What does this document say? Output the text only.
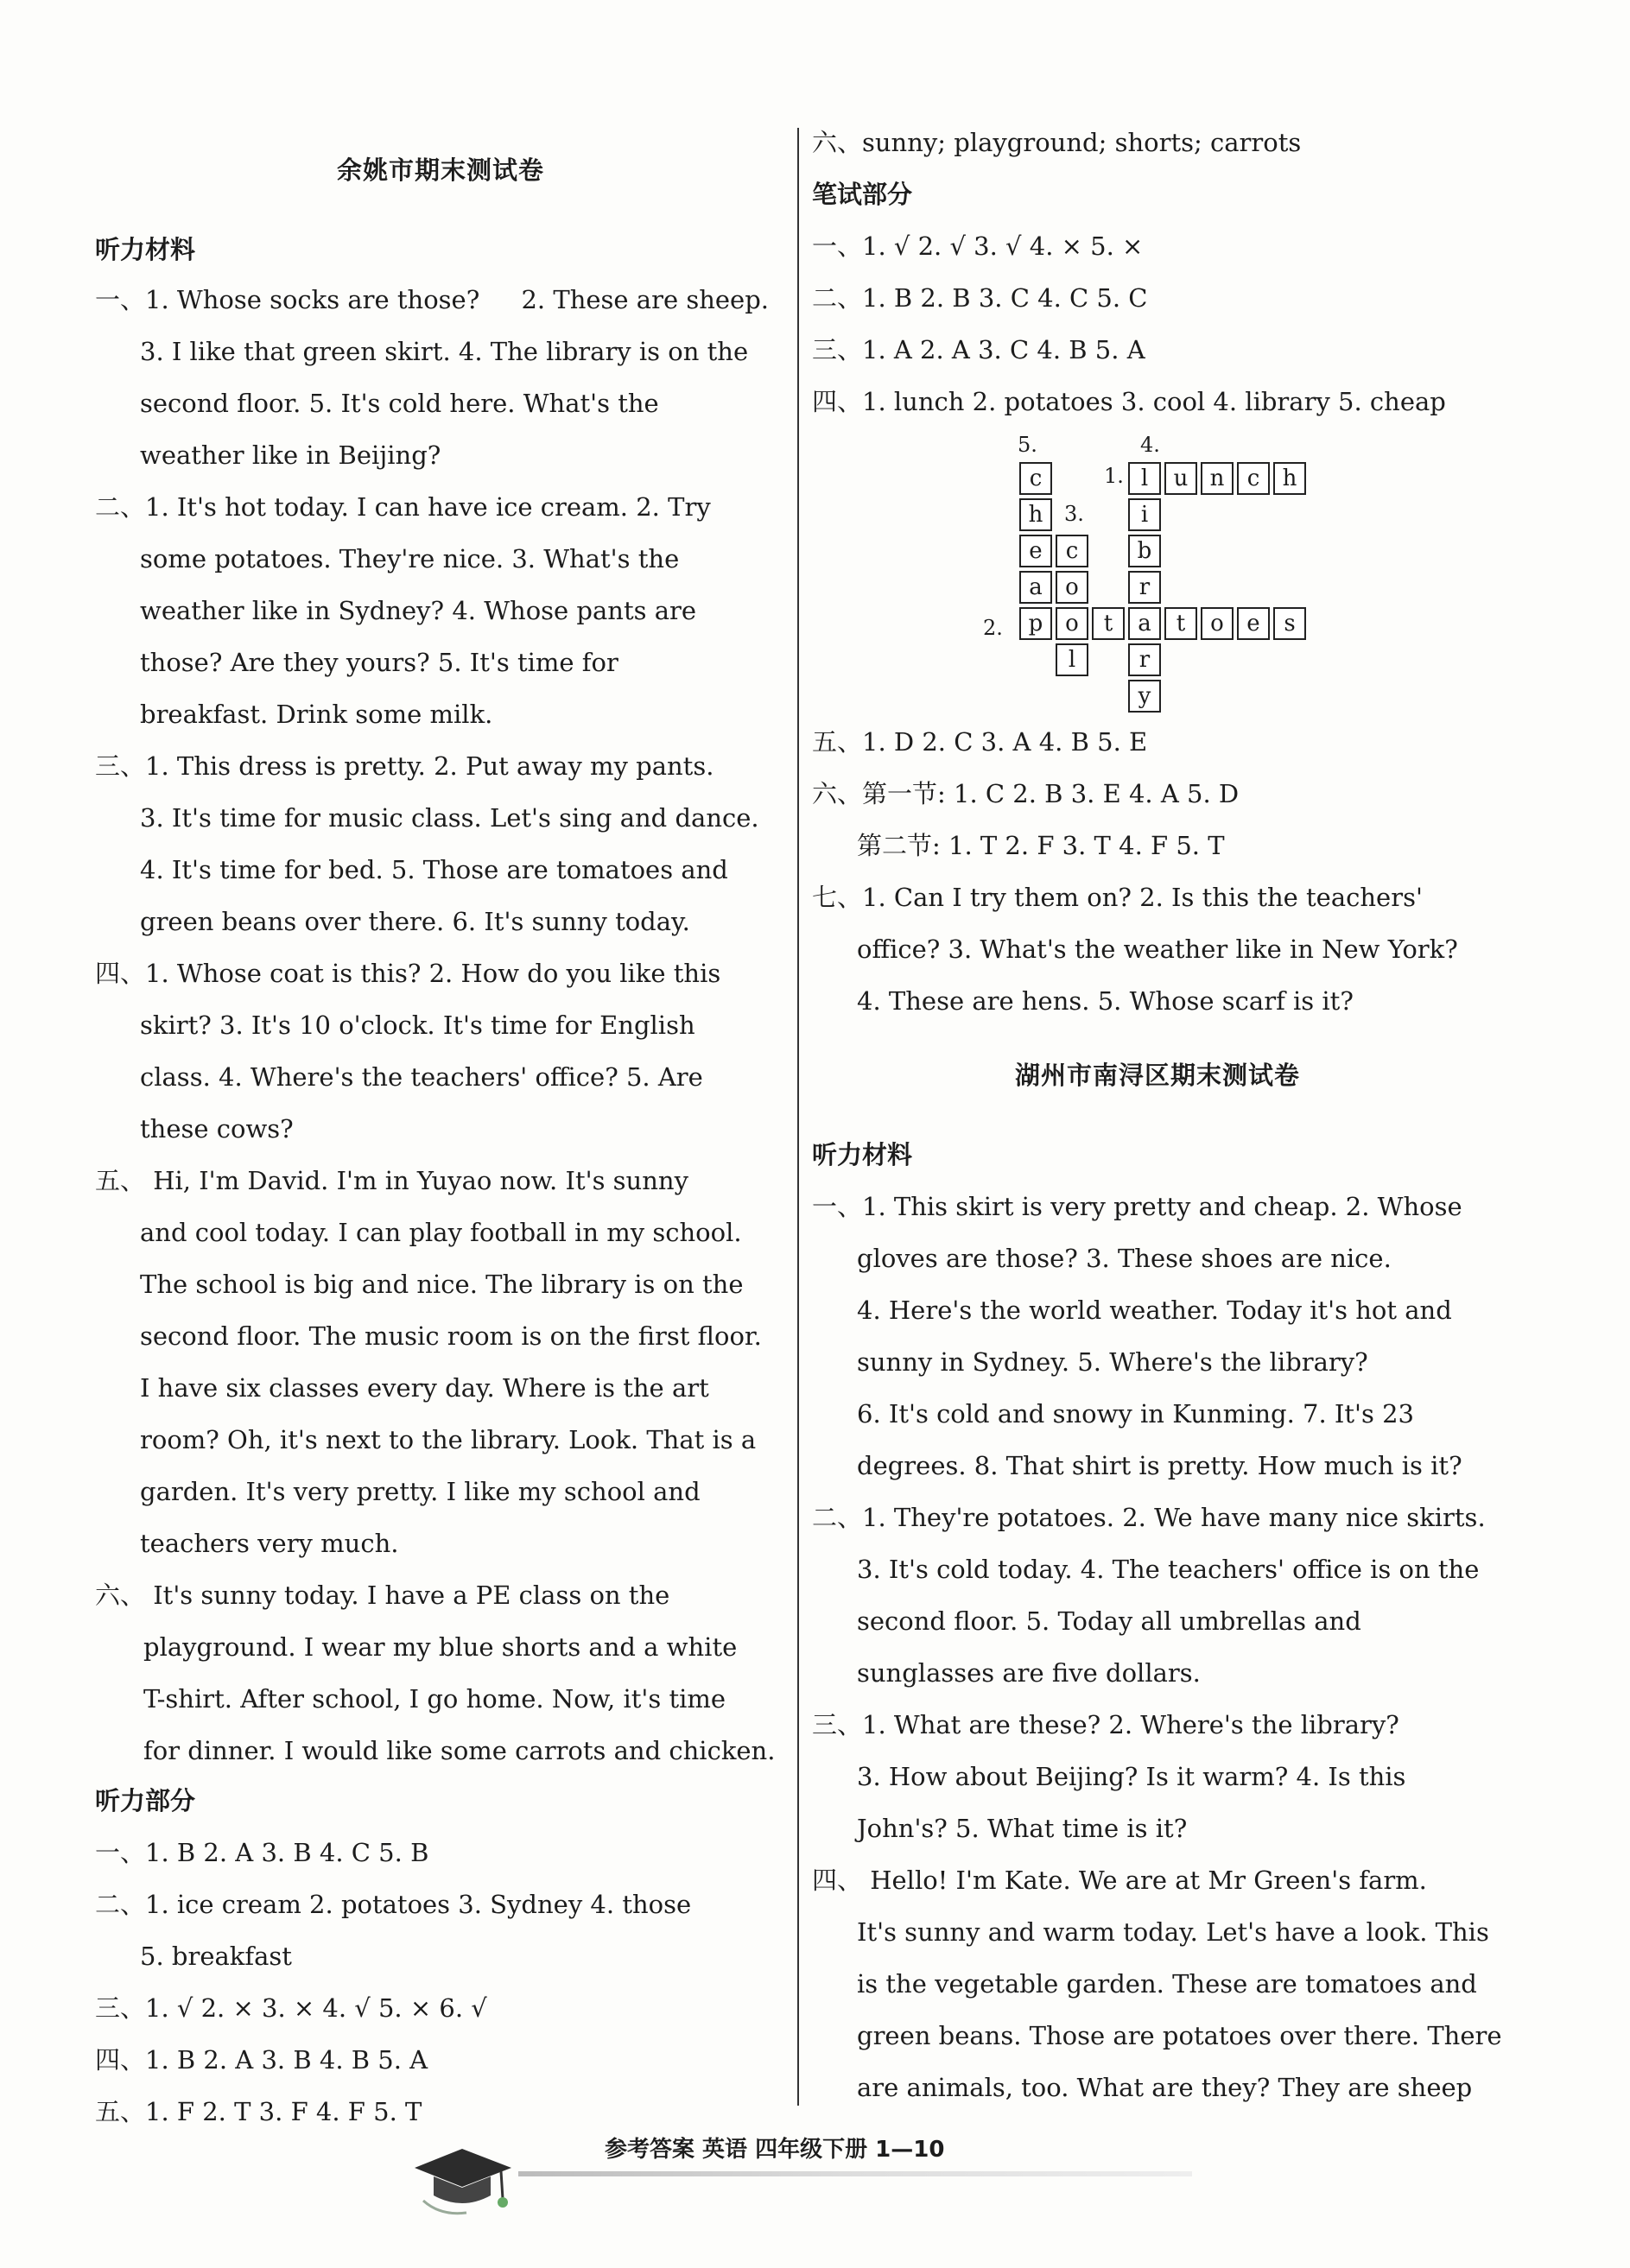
余姚市期末测试卷
听力材料
一、1. Whose socks are those? 2. These are sheep.
3. I like that green skirt. 4. The library is on the
second floor. 5. It's cold here. What's the
weather like in Beijing?
二、1. It's hot today. I can have ice cream. 2. Try
some potatoes. They're nice. 3. What's the
weather like in Sydney? 4. Whose pants are
those? Are they yours? 5. It's time for
breakfast. Drink some milk.
三、1. This dress is pretty. 2. Put away my pants.
3. It's time for music class. Let's sing and dance.
4. It's time for bed. 5. Those are tomatoes and
green beans over there. 6. It's sunny today.
四、1. Whose coat is this? 2. How do you like this
skirt? 3. It's 10 o'clock. It's time for English
class. 4. Where's the teachers' office? 5. Are
these cows?
五、 Hi, I'm David. I'm in Yuyao now. It's sunny
and cool today. I can play football in my school.
The school is big and nice. The library is on the
second floor. The music room is on the first floor.
I have six classes every day. Where is the art
room? Oh, it's next to the library. Look. That is a
garden. It's very pretty. I like my school and
teachers very much.
六、 It's sunny today. I have a PE class on the
playground. I wear my blue shorts and a white
T-shirt. After school, I go home. Now, it's time
for dinner. I would like some carrots and chicken.
听力部分
一、1. B 2. A 3. B 4. C 5. B
二、1. ice cream 2. potatoes 3. Sydney 4. those
5. breakfast
三、1. √ 2. × 3. × 4. √ 5. × 6. √
四、1. B 2. A 3. B 4. B 5. A
五、1. F 2. T 3. F 4. F 5. T
六、sunny; playground; shorts; carrots
笔试部分
一、1. √ 2. √ 3. √ 4. × 5. ×
二、1. B 2. B 3. C 4. C 5. C
三、1. A 2. A 3. C 4. B 5. A
四、1. lunch 2. potatoes 3. cool 4. library 5. cheap
五、1. D 2. C 3. A 4. B 5. E
六、第一节: 1. C 2. B 3. E 4. A 5. D
第二节: 1. T 2. F 3. T 4. F 5. T
七、1. Can I try them on? 2. Is this the teachers'
office? 3. What's the weather like in New York?
4. These are hens. 5. Whose scarf is it?
湖州市南浔区期末测试卷
听力材料
一、1. This skirt is very pretty and cheap. 2. Whose
gloves are those? 3. These shoes are nice.
4. Here's the world weather. Today it's hot and
sunny in Sydney. 5. Where's the library?
6. It's cold and snowy in Kunming. 7. It's 23
degrees. 8. That shirt is pretty. How much is it?
二、1. They're potatoes. 2. We have many nice skirts.
3. It's cold today. 4. The teachers' office is on the
second floor. 5. Today all umbrellas and
sunglasses are five dollars.
三、1. What are these? 2. Where's the library?
3. How about Beijing? Is it warm? 4. Is this
John's? 5. What time is it?
四、 Hello! I'm Kate. We are at Mr Green's farm.
It's sunny and warm today. Let's have a look. This
is the vegetable garden. These are tomatoes and
green beans. Those are potatoes over there. There
are animals, too. What are they? They are sheep
5.	4.
1.
3.
2.
c
h
e
a
p
c
o
o
l
t	t	o	e	s
l
i
b
r
a
r
y
u n	c	h
参考答案 英语 四年级下册 1—10
